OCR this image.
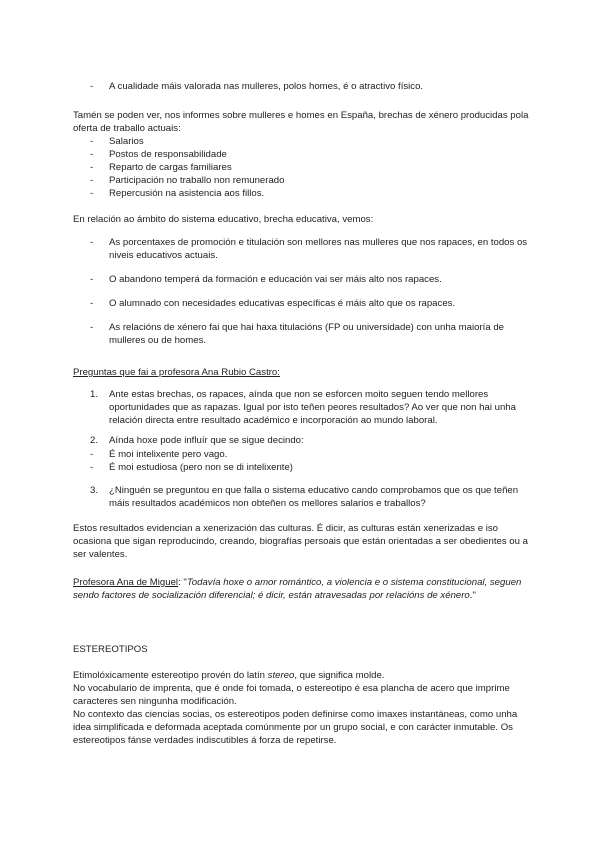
- A cualidade máis valorada nas mulleres, polos homes, é o atractivo físico.

Tamén se poden ver, nos informes sobre mulleres e homes en España, brechas de xénero producidas pola oferta de traballo actuais:

- Salarios
- Postos de responsabilidade
- Reparto de cargas familiares
- Participación no traballo non remunerado
- Repercusión na asistencia aos fillos.

En relación ao ámbito do sistema educativo, brecha educativa, vemos:

- As porcentaxes de promoción e titulación son mellores nas mulleres que nos rapaces, en todos os niveis educativos actuais.
- O abandono temperá da formación e educación vai ser máis alto nos rapaces.
- O alumnado con necesidades educativas específicas é máis alto que os rapaces.
- As relacións de xénero fai que hai haxa titulacións (FP ou universidade) con unha maioría de mulleres ou de homes.

Preguntas que fai a profesora Ana Rubio Castro:

1. Ante estas brechas, os rapaces, aínda que non se esforcen moito seguen tendo mellores oportunidades que as rapazas. Igual por isto teñen peores resultados? Ao ver que non hai unha relación directa entre resultado académico e incorporación ao mundo laboral.
2. Aínda hoxe pode influír que se sigue decindo:
- É moi intelixente pero vago.
- É moi estudiosa (pero non se di intelixente)
3. ¿Ninguén se preguntou en que falla o sistema educativo cando comprobamos que os que teñen máis resultados académicos non obteñen os mellores salarios e traballos?

Estos resultados evidencian a xenerización das culturas. É dicir, as culturas están xenerizadas e iso ocasiona que sigan reproducindo, creando, biografías persoais que están orientadas a ser obedientes ou a ser valentes.

Profesora Ana de Miguel: "Todavía hoxe o amor romántico, a violencia e o sistema constitucional, seguen sendo factores de socialización diferencial; é dicir, están atravesadas por relacións de xénero."

ESTEREOTIPOS

Etimolóxicamente estereotipo provén do latín stereo, que significa molde.
No vocabulario de imprenta, que é onde foi tomada, o estereotipo é esa plancha de acero que imprime caracteres sen ningunha modificación.
No contexto das ciencias socias, os estereotipos poden definirse como imaxes instantáneas, como unha idea simplificada e deformada aceptada comúnmente por un grupo social, e con carácter inmutable. Os estereotipos fánse verdades indiscutibles á forza de repetirse.
